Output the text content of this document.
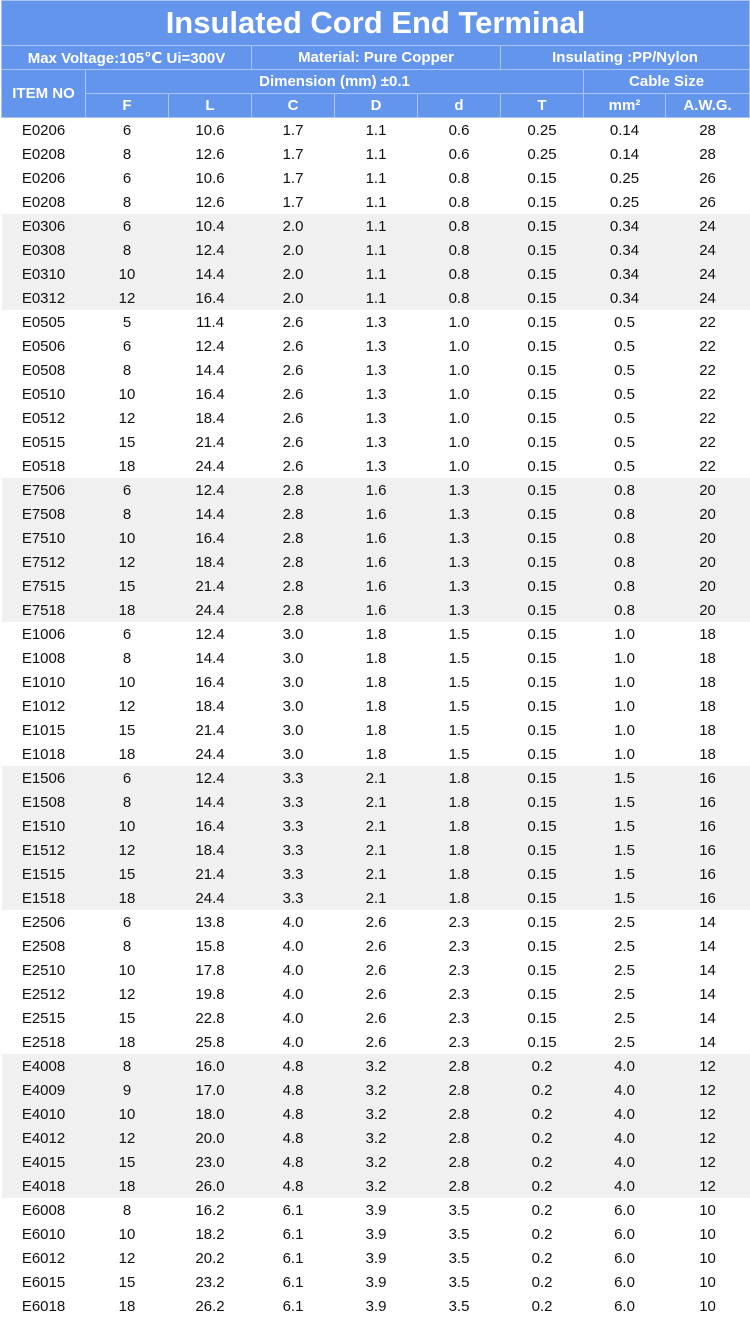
Insulated Cord End Terminal								
Max Voltage:105℃ Ui=300V			Material: Pure Copper			Insulating :PP/Nylon		
ITEM NO	Dimension (mm) ±0.1						Cable Size	
	F	L	C	D	d	T	mm²	A.W.G.
E0206	6	10.6	1.7	1.1	0.6	0.25	0.14	28
E0208	8	12.6	1.7	1.1	0.6	0.25	0.14	28
E0206	6	10.6	1.7	1.1	0.8	0.15	0.25	26
E0208	8	12.6	1.7	1.1	0.8	0.15	0.25	26
E0306	6	10.4	2.0	1.1	0.8	0.15	0.34	24
E0308	8	12.4	2.0	1.1	0.8	0.15	0.34	24
E0310	10	14.4	2.0	1.1	0.8	0.15	0.34	24
E0312	12	16.4	2.0	1.1	0.8	0.15	0.34	24
E0505	5	11.4	2.6	1.3	1.0	0.15	0.5	22
E0506	6	12.4	2.6	1.3	1.0	0.15	0.5	22
E0508	8	14.4	2.6	1.3	1.0	0.15	0.5	22
E0510	10	16.4	2.6	1.3	1.0	0.15	0.5	22
E0512	12	18.4	2.6	1.3	1.0	0.15	0.5	22
E0515	15	21.4	2.6	1.3	1.0	0.15	0.5	22
E0518	18	24.4	2.6	1.3	1.0	0.15	0.5	22
E7506	6	12.4	2.8	1.6	1.3	0.15	0.8	20
E7508	8	14.4	2.8	1.6	1.3	0.15	0.8	20
E7510	10	16.4	2.8	1.6	1.3	0.15	0.8	20
E7512	12	18.4	2.8	1.6	1.3	0.15	0.8	20
E7515	15	21.4	2.8	1.6	1.3	0.15	0.8	20
E7518	18	24.4	2.8	1.6	1.3	0.15	0.8	20
E1006	6	12.4	3.0	1.8	1.5	0.15	1.0	18
E1008	8	14.4	3.0	1.8	1.5	0.15	1.0	18
E1010	10	16.4	3.0	1.8	1.5	0.15	1.0	18
E1012	12	18.4	3.0	1.8	1.5	0.15	1.0	18
E1015	15	21.4	3.0	1.8	1.5	0.15	1.0	18
E1018	18	24.4	3.0	1.8	1.5	0.15	1.0	18
E1506	6	12.4	3.3	2.1	1.8	0.15	1.5	16
E1508	8	14.4	3.3	2.1	1.8	0.15	1.5	16
E1510	10	16.4	3.3	2.1	1.8	0.15	1.5	16
E1512	12	18.4	3.3	2.1	1.8	0.15	1.5	16
E1515	15	21.4	3.3	2.1	1.8	0.15	1.5	16
E1518	18	24.4	3.3	2.1	1.8	0.15	1.5	16
E2506	6	13.8	4.0	2.6	2.3	0.15	2.5	14
E2508	8	15.8	4.0	2.6	2.3	0.15	2.5	14
E2510	10	17.8	4.0	2.6	2.3	0.15	2.5	14
E2512	12	19.8	4.0	2.6	2.3	0.15	2.5	14
E2515	15	22.8	4.0	2.6	2.3	0.15	2.5	14
E2518	18	25.8	4.0	2.6	2.3	0.15	2.5	14
E4008	8	16.0	4.8	3.2	2.8	0.2	4.0	12
E4009	9	17.0	4.8	3.2	2.8	0.2	4.0	12
E4010	10	18.0	4.8	3.2	2.8	0.2	4.0	12
E4012	12	20.0	4.8	3.2	2.8	0.2	4.0	12
E4015	15	23.0	4.8	3.2	2.8	0.2	4.0	12
E4018	18	26.0	4.8	3.2	2.8	0.2	4.0	12
E6008	8	16.2	6.1	3.9	3.5	0.2	6.0	10
E6010	10	18.2	6.1	3.9	3.5	0.2	6.0	10
E6012	12	20.2	6.1	3.9	3.5	0.2	6.0	10
E6015	15	23.2	6.1	3.9	3.5	0.2	6.0	10
E6018	18	26.2	6.1	3.9	3.5	0.2	6.0	10
